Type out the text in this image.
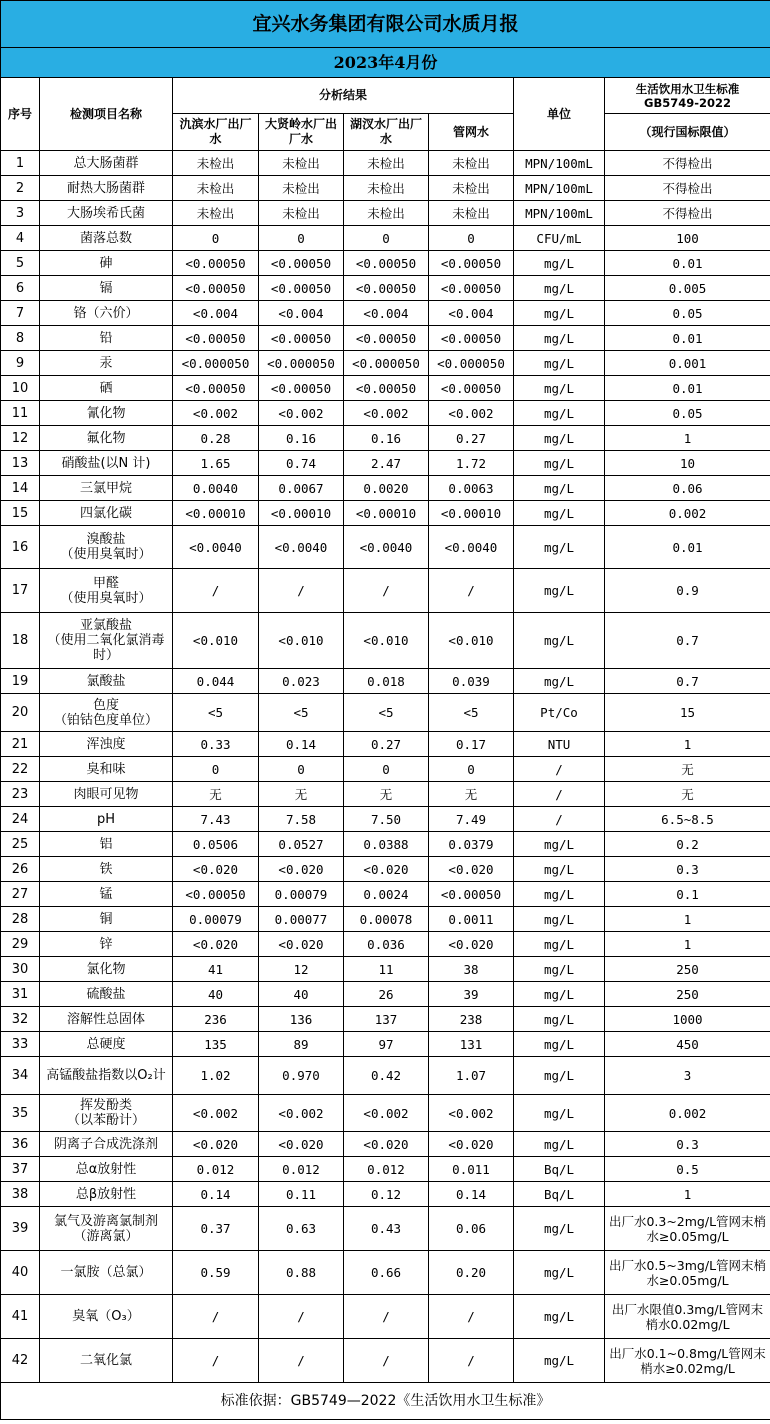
宜兴水务集团有限公司水质月报							
2023年4月份							
序号	检测项目名称	分析结果				单位	生活饮用水卫生标准
GB5749-2022

		氿滨水厂出厂水	大贤岭水厂出厂水	湖汊水厂出厂水	管网水		（现行国标限值）
1	总大肠菌群	未检出	未检出	未检出	未检出	MPN/100mL	不得检出
2	耐热大肠菌群	未检出	未检出	未检出	未检出	MPN/100mL	不得检出
3	大肠埃希氏菌	未检出	未检出	未检出	未检出	MPN/100mL	不得检出
4	菌落总数	0	0	0	0	CFU/mL	100
5	砷	<0.00050	<0.00050	<0.00050	<0.00050	mg/L	0.01
6	镉	<0.00050	<0.00050	<0.00050	<0.00050	mg/L	0.005
7	铬（六价）	<0.004	<0.004	<0.004	<0.004	mg/L	0.05
8	铅	<0.00050	<0.00050	<0.00050	<0.00050	mg/L	0.01
9	汞	<0.000050	<0.000050	<0.000050	<0.000050	mg/L	0.001
10	硒	<0.00050	<0.00050	<0.00050	<0.00050	mg/L	0.01
11	氰化物	<0.002	<0.002	<0.002	<0.002	mg/L	0.05
12	氟化物	0.28	0.16	0.16	0.27	mg/L	1
13	硝酸盐(以N 计)	1.65	0.74	2.47	1.72	mg/L	10
14	三氯甲烷	0.0040	0.0067	0.0020	0.0063	mg/L	0.06
15	四氯化碳	<0.00010	<0.00010	<0.00010	<0.00010	mg/L	0.002
16	溴酸盐
（使用臭氧时）	<0.0040	<0.0040	<0.0040	<0.0040	mg/L	0.01
17	甲醛
（使用臭氧时）	/	/	/	/	mg/L	0.9
18	亚氯酸盐
（使用二氧化氯消毒时）	<0.010	<0.010	<0.010	<0.010	mg/L	0.7
19	氯酸盐	0.044	0.023	0.018	0.039	mg/L	0.7
20	色度
（铂钴色度单位）	<5	<5	<5	<5	Pt/Co	15
21	浑浊度	0.33	0.14	0.27	0.17	NTU	1
22	臭和味	0	0	0	0	/	无
23	肉眼可见物	无	无	无	无	/	无
24	pH	7.43	7.58	7.50	7.49	/	6.5~8.5
25	铝	0.0506	0.0527	0.0388	0.0379	mg/L	0.2
26	铁	<0.020	<0.020	<0.020	<0.020	mg/L	0.3
27	锰	<0.00050	0.00079	0.0024	<0.00050	mg/L	0.1
28	铜	0.00079	0.00077	0.00078	0.0011	mg/L	1
29	锌	<0.020	<0.020	0.036	<0.020	mg/L	1
30	氯化物	41	12	11	38	mg/L	250
31	硫酸盐	40	40	26	39	mg/L	250
32	溶解性总固体	236	136	137	238	mg/L	1000
33	总硬度	135	89	97	131	mg/L	450
34	高锰酸盐指数以O₂计	1.02	0.970	0.42	1.07	mg/L	3
35	挥发酚类
（以苯酚计）	<0.002	<0.002	<0.002	<0.002	mg/L	0.002
36	阴离子合成洗涤剂	<0.020	<0.020	<0.020	<0.020	mg/L	0.3
37	总α放射性	0.012	0.012	0.012	0.011	Bq/L	0.5
38	总β放射性	0.14	0.11	0.12	0.14	Bq/L	1
39	氯气及游离氯制剂
（游离氯）	0.37	0.63	0.43	0.06	mg/L	出厂水0.3~2mg/L管网末梢水≥0.05mg/L
40	一氯胺（总氯）	0.59	0.88	0.66	0.20	mg/L	出厂水0.5~3mg/L管网末梢水≥0.05mg/L
41	臭氧（O₃）	/	/	/	/	mg/L	出厂水限值0.3mg/L管网末梢水0.02mg/L
42	二氧化氯	/	/	/	/	mg/L	出厂水0.1~0.8mg/L管网末梢水≥0.02mg/L
标准依据：GB5749—2022《生活饮用水卫生标准》							
